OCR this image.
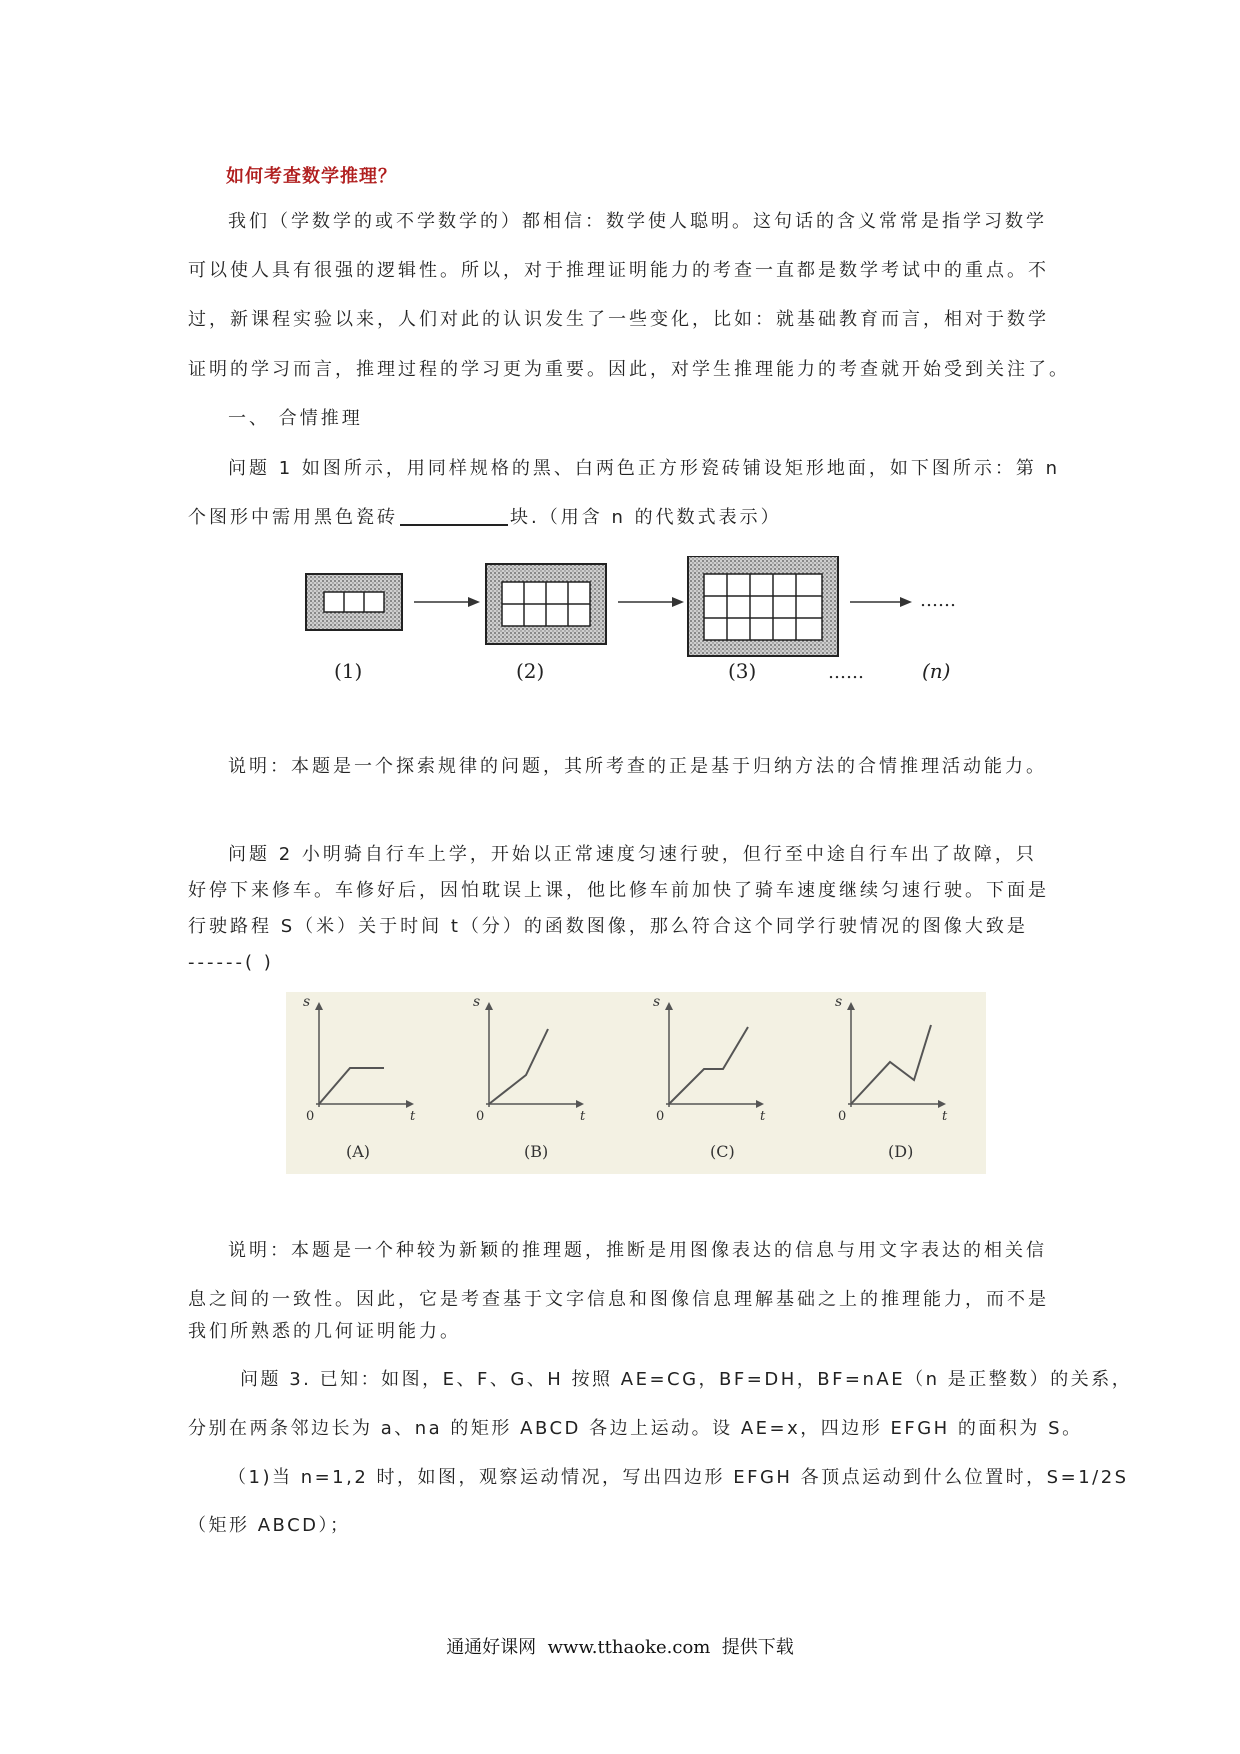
如何考查数学推理？
我们（学数学的或不学数学的）都相信：数学使人聪明。这句话的含义常常是指学习数学
可以使人具有很强的逻辑性。所以，对于推理证明能力的考查一直都是数学考试中的重点。不
过，新课程实验以来，人们对此的认识发生了一些变化，比如：就基础教育而言，相对于数学
证明的学习而言，推理过程的学习更为重要。因此，对学生推理能力的考查就开始受到关注了。
一、 合情推理
问题 1 如图所示，用同样规格的黑、白两色正方形瓷砖铺设矩形地面，如下图所示：第 n
个图形中需用黑色瓷砖	块.（用含 n 的代数式表示）
……
(1)	(2)	(3)	……	(n)
说明：本题是一个探索规律的问题，其所考查的正是基于归纳方法的合情推理活动能力。
问题 2 小明骑自行车上学，开始以正常速度匀速行驶，但行至中途自行车出了故障，只
好停下来修车。车修好后，因怕耽误上课，他比修车前加快了骑车速度继续匀速行驶。下面是
行驶路程 S（米）关于时间 t（分）的函数图像，那么符合这个同学行驶情况的图像大致是
------( )
s
t
0
(A)
s
t
0
(B)
s
t
0
(C)
s
t
0
(D)
说明：本题是一个种较为新颖的推理题，推断是用图像表达的信息与用文字表达的相关信
息之间的一致性。因此，它是考查基于文字信息和图像信息理解基础之上的推理能力，而不是
我们所熟悉的几何证明能力。
问题 3. 已知：如图，E、F、G、H 按照 AE=CG，BF=DH，BF=nAE（n 是正整数）的关系，
分别在两条邻边长为 a、na 的矩形 ABCD 各边上运动。设 AE=x，四边形 EFGH 的面积为 S。
（1)当 n=1,2 时，如图，观察运动情况，写出四边形 EFGH 各顶点运动到什么位置时，S=1/2S
（矩形 ABCD）；
通通好课网 www.tthaoke.com 提供下载
